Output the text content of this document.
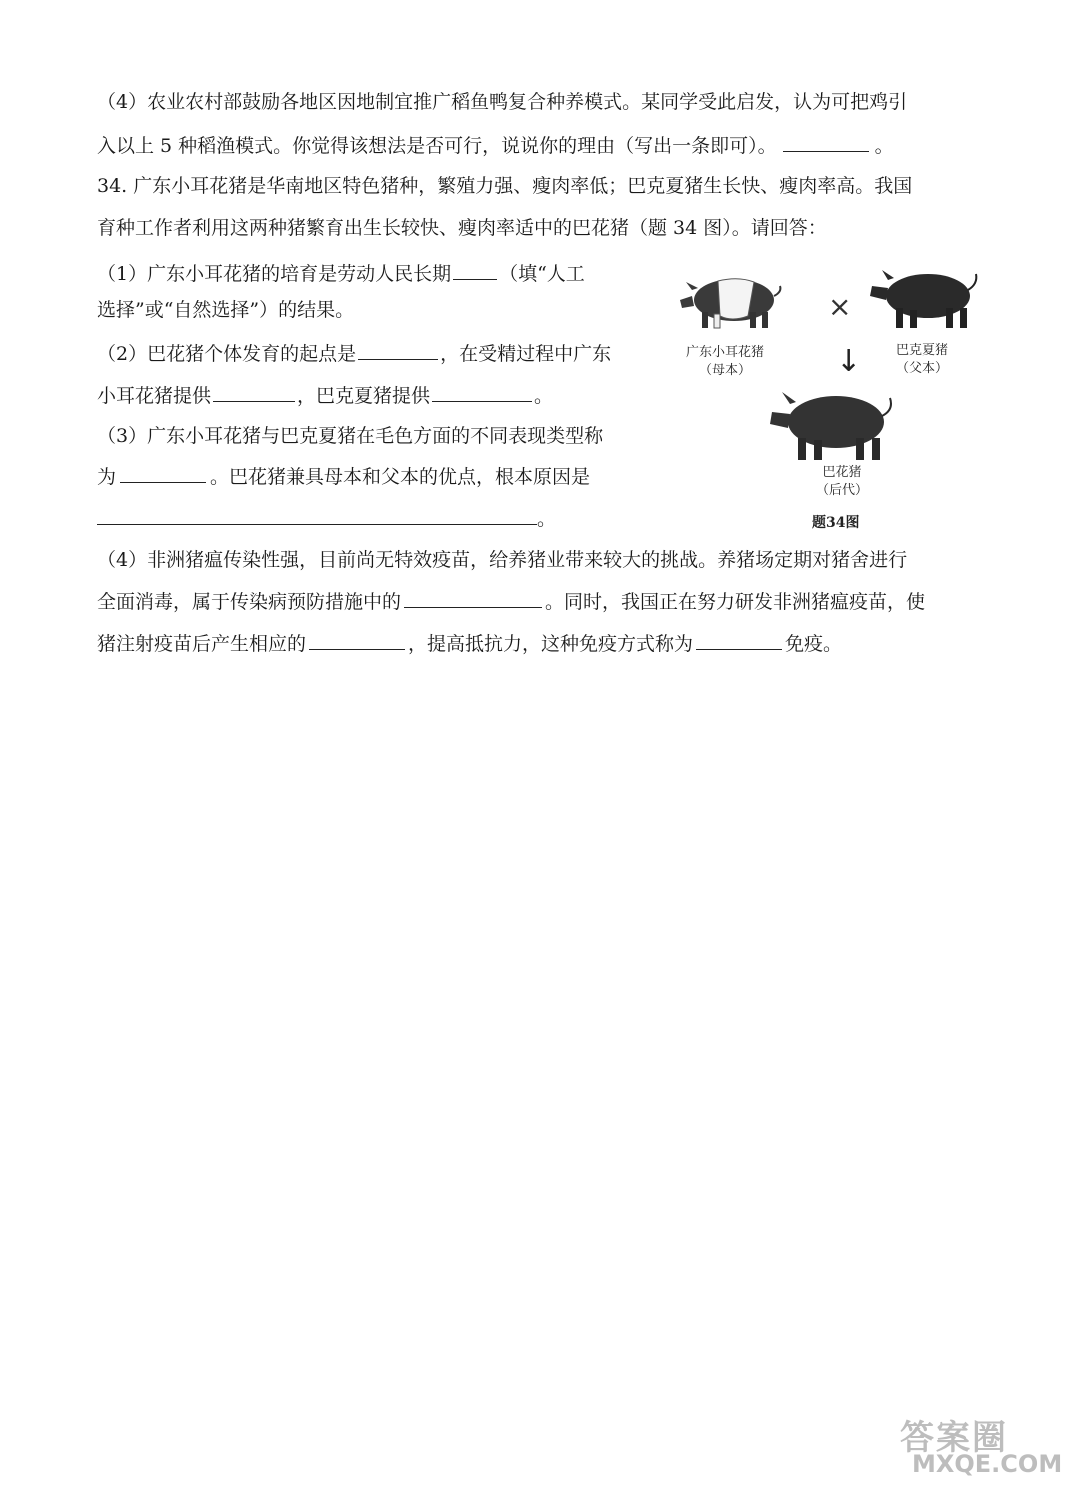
（4）农业农村部鼓励各地区因地制宜推广稻鱼鸭复合种养模式。某同学受此启发，认为可把鸡引
入以上 5 种稻渔模式。你觉得该想法是否可行，说说你的理由（写出一条即可）。	。
34. 广东小耳花猪是华南地区特色猪种，繁殖力强、瘦肉率低；巴克夏猪生长快、瘦肉率高。我国
育种工作者利用这两种猪繁育出生长较快、瘦肉率适中的巴花猪（题 34 图）。请回答：
（1）广东小耳花猪的培育是劳动人民长期	（填“人工
选择”或“自然选择”）的结果。
（2）巴花猪个体发育的起点是	，在受精过程中广东
小耳花猪提供	，巴克夏猪提供	。
（3）广东小耳花猪与巴克夏猪在毛色方面的不同表现类型称
为	。巴花猪兼具母本和父本的优点，根本原因是
。
（4）非洲猪瘟传染性强，目前尚无特效疫苗，给养猪业带来较大的挑战。养猪场定期对猪舍进行
全面消毒，属于传染病预防措施中的	。同时，我国正在努力研发非洲猪瘟疫苗，使
猪注射疫苗后产生相应的	，提高抵抗力，这种免疫方式称为	免疫。
×
广东小耳花猪
（母本）	↓	巴克夏猪
（父本）
巴花猪
（后代）
题34图
答案圈
MXQE.COM
